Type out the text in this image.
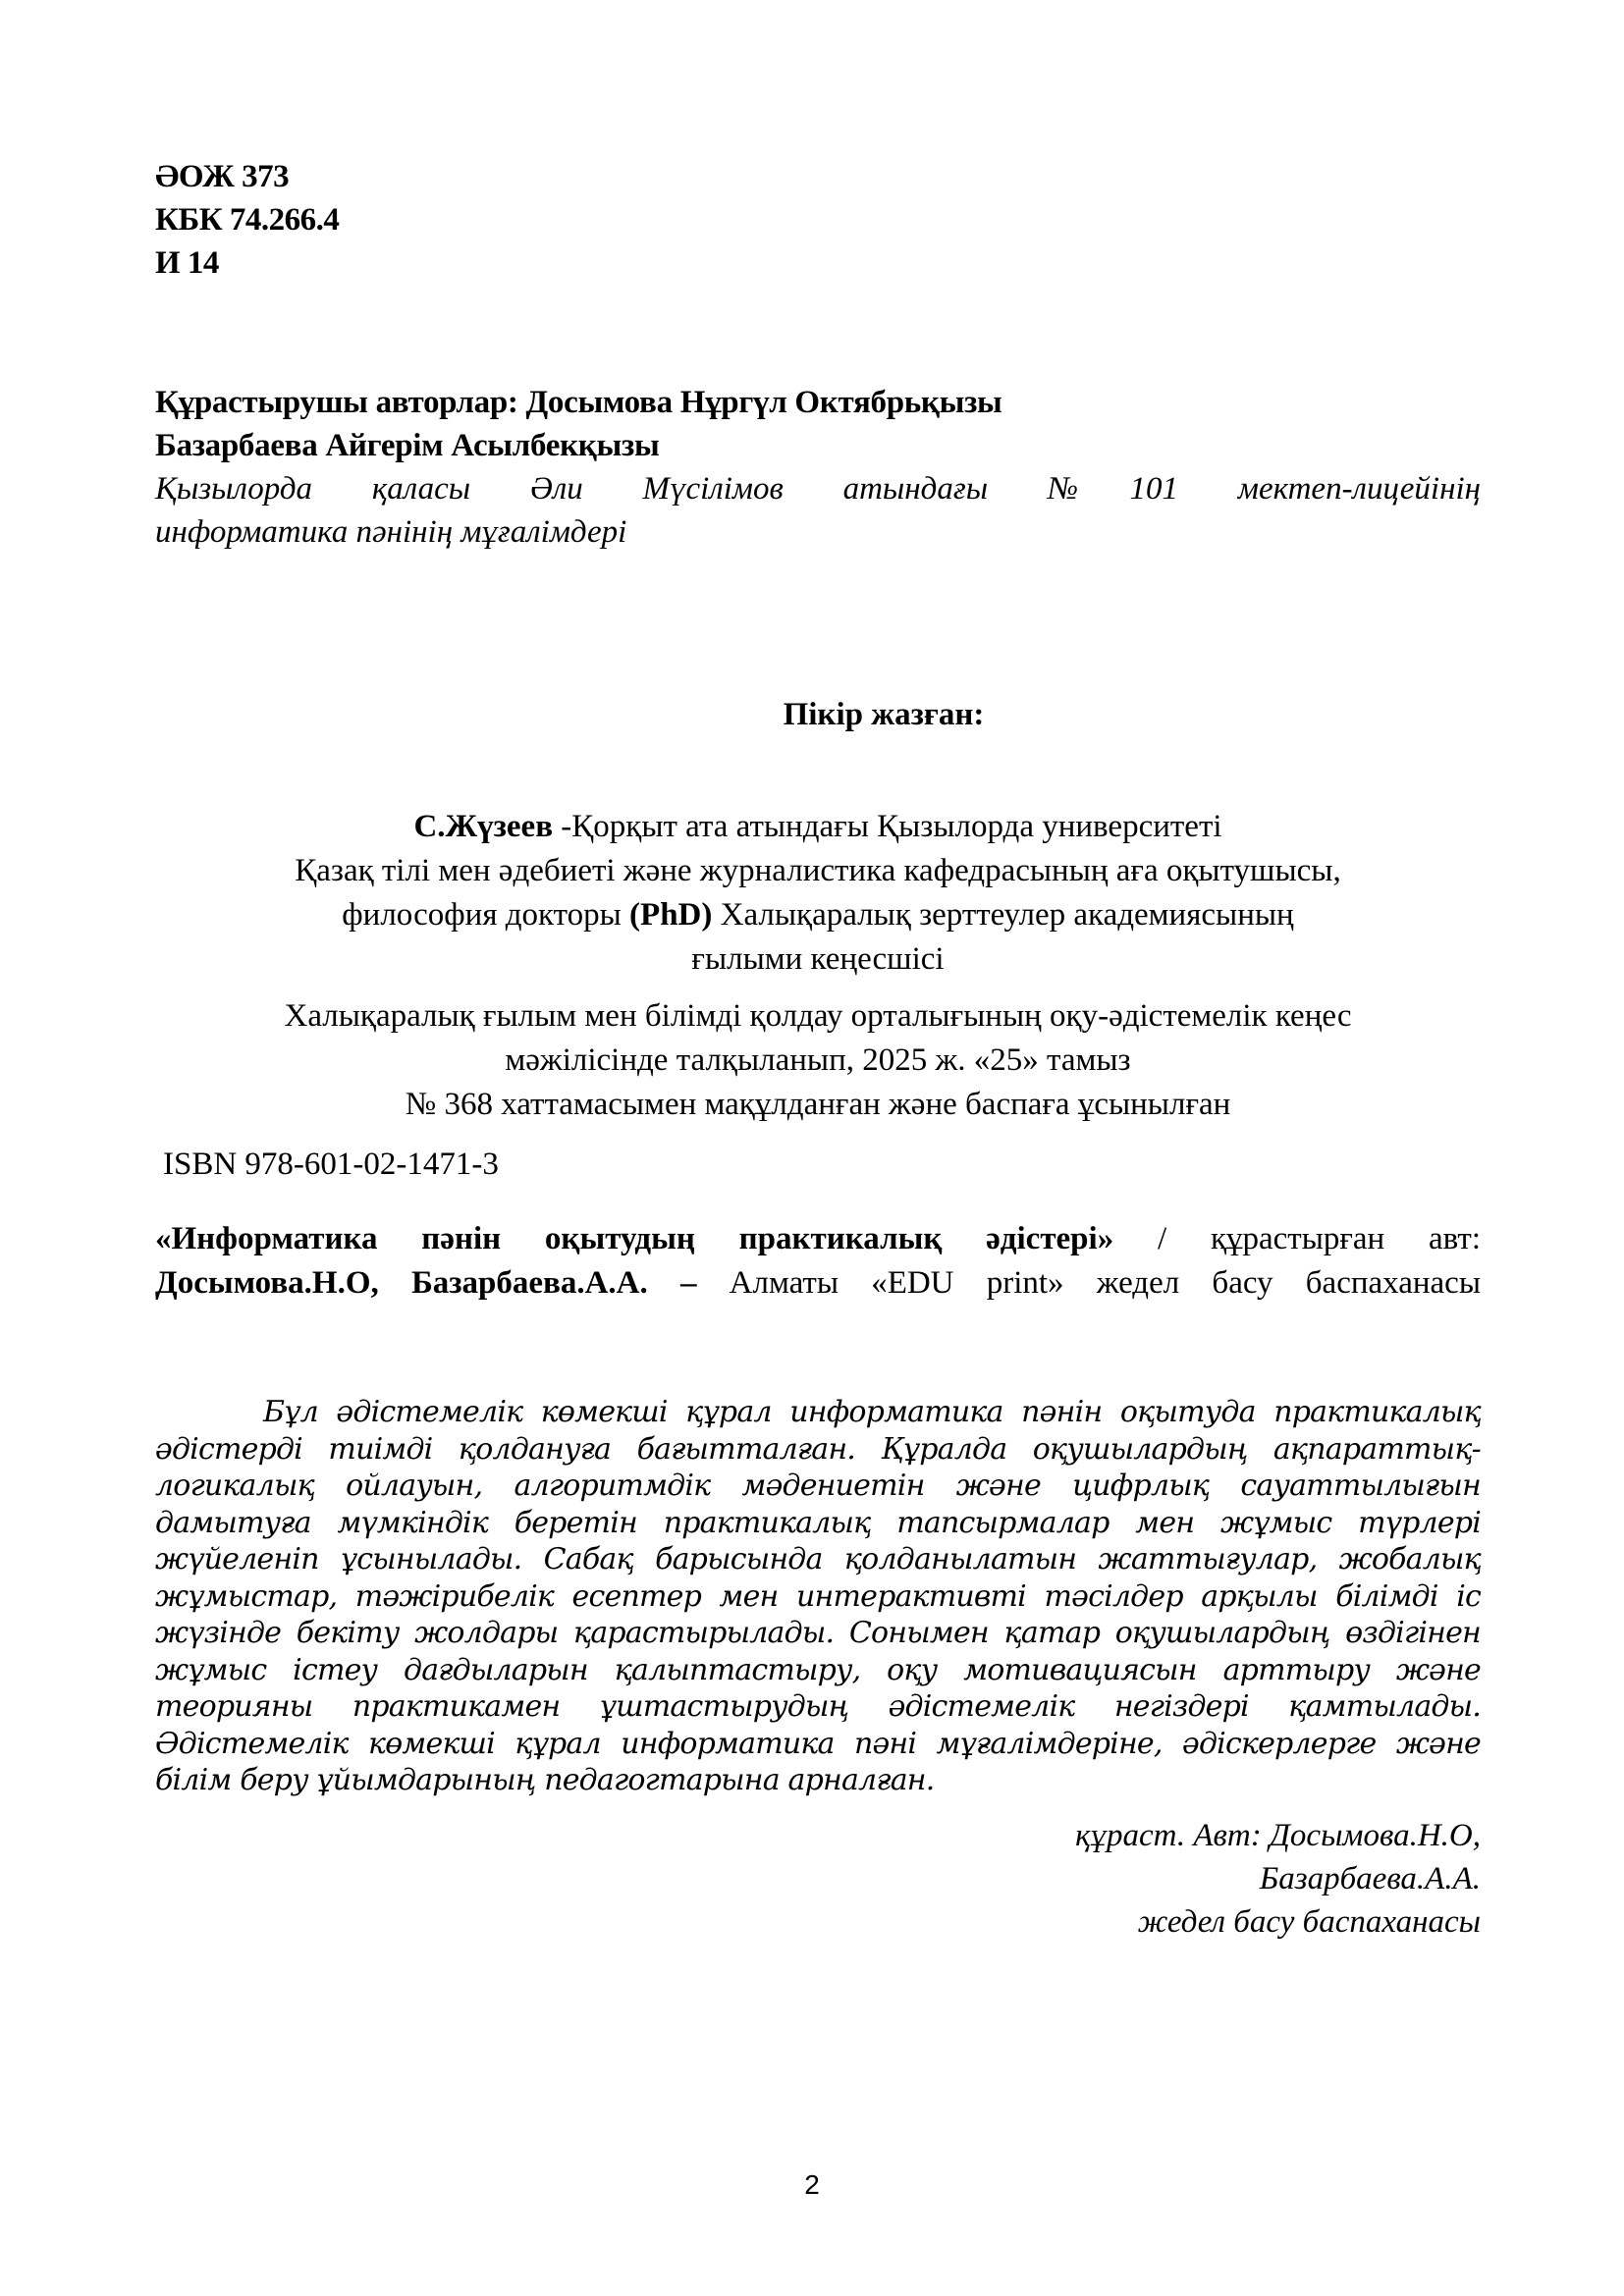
ӘОЖ 373
КБК 74.266.4
И 14
Құрастырушы авторлар: Досымова Нұргүл Октябрьқызы
Базарбаева Айгерім Асылбекқызы
Қызылорда қаласы Әли Мүсілімов атындағы №101 мектеп-лицейінің
информатика пәнінің мұғалімдері
Пікір жазған:
С.Жүзеев -Қорқыт ата атындағы Қызылорда университеті
Қазақ тілі мен әдебиеті және журналистика кафедрасының аға оқытушысы,
философия докторы (PhD) Халықаралық зерттеулер академиясының
ғылыми кеңесшісі
Халықаралық ғылым мен білімді қолдау орталығының оқу-әдістемелік кеңес
мәжілісінде талқыланып, 2025 ж. «25» тамыз
№ 368 хаттамасымен мақұлданған және баспаға ұсынылған
ISBN 978-601-02-1471-3
«Информатика пәнін оқытудың практикалық әдістері» / құрастырған авт:
Досымова.Н.О, Базарбаева.А.А. – Алматы «EDU print» жедел басу баспаханасы

Бұл әдістемелік көмекші құрал информатика пәнін оқытуда практикалық әдістерді тиімді қолдануға бағытталған. Құралда оқушылардың ақпараттық-логикалық ойлауын, алгоритмдік мәдениетін және цифрлық сауаттылығын дамытуға мүмкіндік беретін практикалық тапсырмалар мен жұмыс түрлері жүйеленіп ұсынылады. Сабақ барысында қолданылатын жаттығулар, жобалық жұмыстар, тәжірибелік есептер мен интерактивті тәсілдер арқылы білімді іс жүзінде бекіту жолдары қарастырылады. Сонымен қатар оқушылардың өздігінен жұмыс істеу дағдыларын қалыптастыру, оқу мотивациясын арттыру және теорияны практикамен ұштастырудың әдістемелік негіздері қамтылады. Әдістемелік көмекші құрал информатика пәні мұғалімдеріне, әдіскерлерге және білім беру ұйымдарының педагогтарына арналған.

құраст. Авт: Досымова.Н.О,
Базарбаева.А.А.
жедел басу баспаханасы
2
